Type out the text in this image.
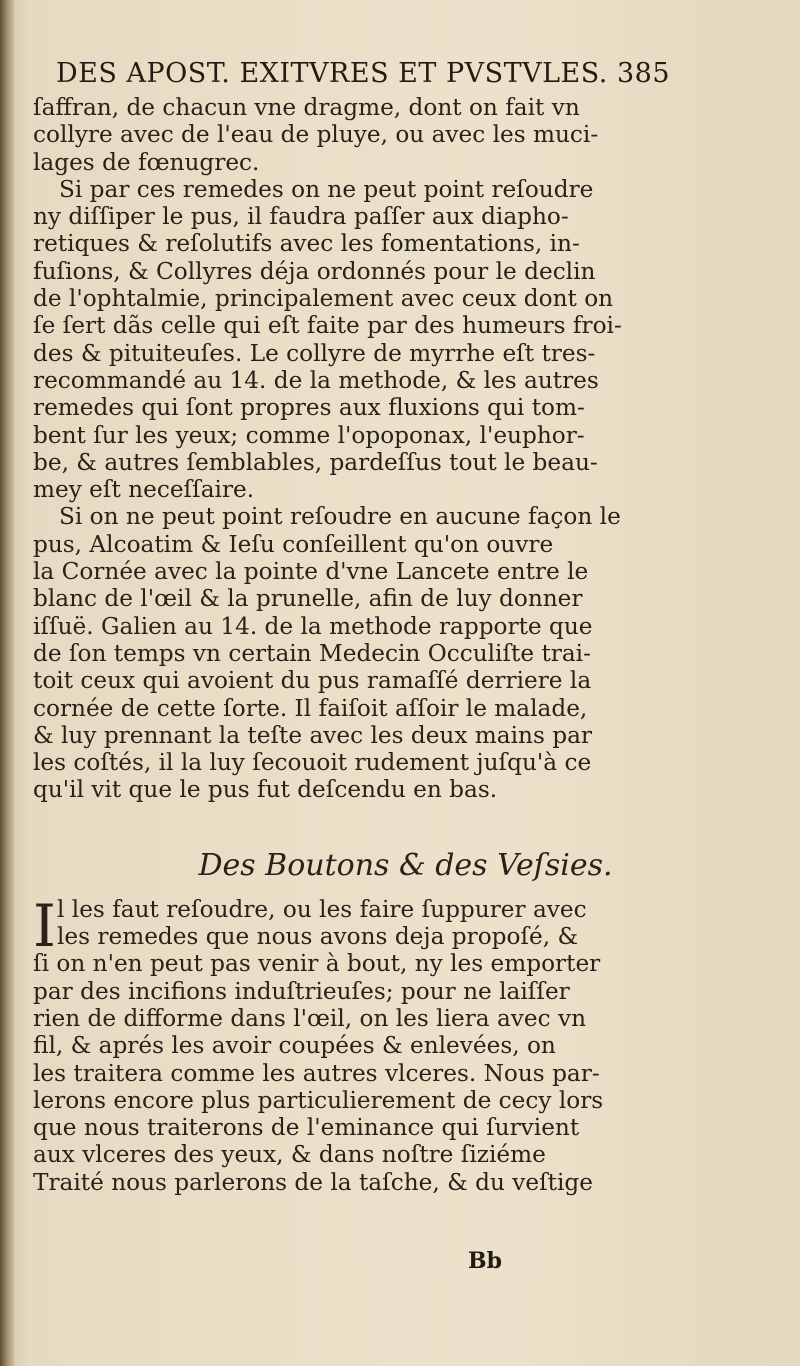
DES APOST. EXITVRES ET PVSTVLES. 385
ſaffran, de chacun vne dragme, dont on fait vn
collyre avec de l'eau de pluye, ou avec les muci-
lages de fœnugrec.
Si par ces remedes on ne peut point reſoudre
ny diſſiper le pus, il faudra paſſer aux diapho-
retiques & reſolutifs avec les fomentations, in-
fuſions, & Collyres déja ordonnés pour le declin
de l'ophtalmie, principalement avec ceux dont on
ſe ſert dãs celle qui eſt faite par des humeurs froi-
des & pituiteuſes. Le collyre de myrrhe eſt tres-
recommandé au 14. de la methode, & les autres
remedes qui ſont propres aux fluxions qui tom-
bent ſur les yeux; comme l'opoponax, l'euphor-
be, & autres ſemblables, pardeſſus tout le beau-
mey eſt neceſſaire.
Si on ne peut point reſoudre en aucune façon le
pus, Alcoatim & Ieſu conſeillent qu'on ouvre
la Cornée avec la pointe d'vne Lancete entre le
blanc de l'œil & la prunelle, afin de luy donner
iſſuë. Galien au 14. de la methode rapporte que
de ſon temps vn certain Medecin Occuliſte trai-
toit ceux qui avoient du pus ramaſſé derriere la
cornée de cette ſorte. Il faiſoit aſſoir le malade,
& luy prennant la teſte avec les deux mains par
les coſtés, il la luy ſecouoit rudement juſqu'à ce
qu'il vit que le pus fut deſcendu en bas.
Des Boutons & des Veſsies.
I l les faut reſoudre, ou les faire ſuppurer avec
les remedes que nous avons deja propoſé, &
ſi on n'en peut pas venir à bout, ny les emporter
par des incifions induſtrieuſes; pour ne laiſſer
rien de difforme dans l'œil, on les liera avec vn
fil, & aprés les avoir coupées & enlevées, on
les traitera comme les autres vlceres. Nous par-
lerons encore plus particulierement de cecy lors
que nous traiterons de l'eminance qui ſurvient
aux vlceres des yeux, & dans noſtre ſiziéme
Traité nous parlerons de la taſche, & du veſtige
Bb
